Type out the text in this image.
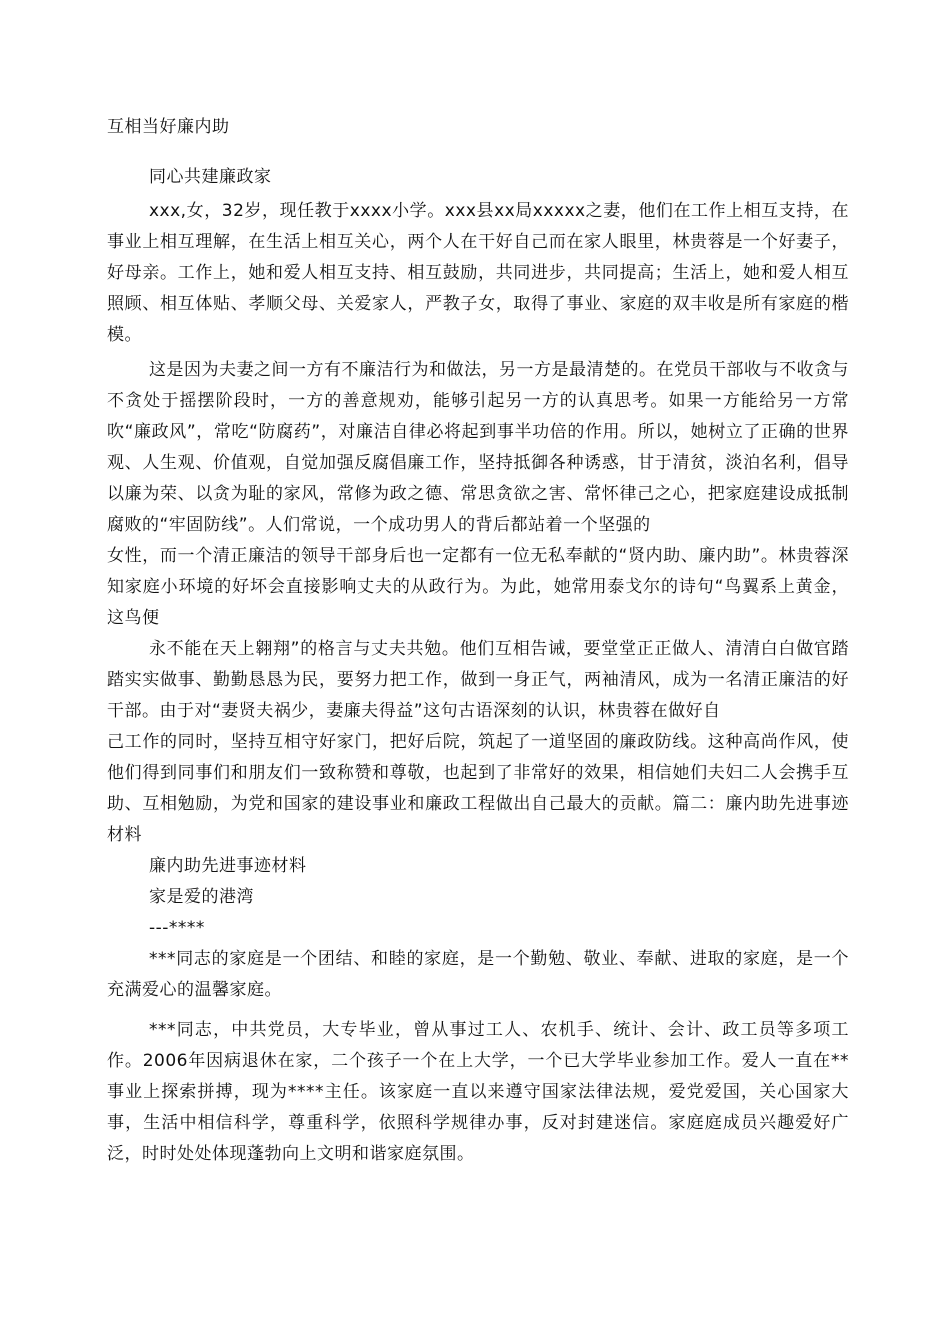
互相当好廉内助

同心共建廉政家

xxx,女，32岁，现任教于xxxx小学。xxx县xx局xxxxx之妻，他们在工作上相互支持，在事业上相互理解，在生活上相互关心，两个人在干好自己而在家人眼里，林贵蓉是一个好妻子，好母亲。工作上，她和爱人相互支持、相互鼓励，共同进步，共同提高；生活上，她和爱人相互照顾、相互体贴、孝顺父母、关爱家人，严教子女，取得了事业、家庭的双丰收是所有家庭的楷模。

这是因为夫妻之间一方有不廉洁行为和做法，另一方是最清楚的。在党员干部收与不收贪与不贪处于摇摆阶段时，一方的善意规劝，能够引起另一方的认真思考。如果一方能给另一方常吹“廉政风”，常吃“防腐药”，对廉洁自律必将起到事半功倍的作用。所以，她树立了正确的世界观、人生观、价值观，自觉加强反腐倡廉工作，坚持抵御各种诱惑，甘于清贫，淡泊名利，倡导以廉为荣、以贪为耻的家风，常修为政之德、常思贪欲之害、常怀律己之心，把家庭建设成抵制腐败的“牢固防线”。人们常说，一个成功男人的背后都站着一个坚强的

女性，而一个清正廉洁的领导干部身后也一定都有一位无私奉献的“贤内助、廉内助”。林贵蓉深知家庭小环境的好坏会直接影响丈夫的从政行为。为此，她常用泰戈尔的诗句“鸟翼系上黄金，这鸟便

永不能在天上翱翔”的格言与丈夫共勉。他们互相告诫，要堂堂正正做人、清清白白做官踏踏实实做事、勤勤恳恳为民，要努力把工作，做到一身正气，两袖清风，成为一名清正廉洁的好干部。由于对“妻贤夫祸少，妻廉夫得益”这句古语深刻的认识，林贵蓉在做好自

己工作的同时，坚持互相守好家门，把好后院，筑起了一道坚固的廉政防线。这种高尚作风，使他们得到同事们和朋友们一致称赞和尊敬，也起到了非常好的效果，相信她们夫妇二人会携手互助、互相勉励，为党和国家的建设事业和廉政工程做出自己最大的贡献。篇二：廉内助先进事迹材料

廉内助先进事迹材料

家是爱的港湾

---****

***同志的家庭是一个团结、和睦的家庭，是一个勤勉、敬业、奉献、进取的家庭，是一个充满爱心的温馨家庭。

***同志，中共党员，大专毕业，曾从事过工人、农机手、统计、会计、政工员等多项工作。2006年因病退休在家，二个孩子一个在上大学，一个已大学毕业参加工作。爱人一直在**事业上探索拼搏，现为****主任。该家庭一直以来遵守国家法律法规，爱党爱国，关心国家大事，生活中相信科学，尊重科学，依照科学规律办事，反对封建迷信。家庭庭成员兴趣爱好广泛，时时处处体现蓬勃向上文明和谐家庭氛围。
